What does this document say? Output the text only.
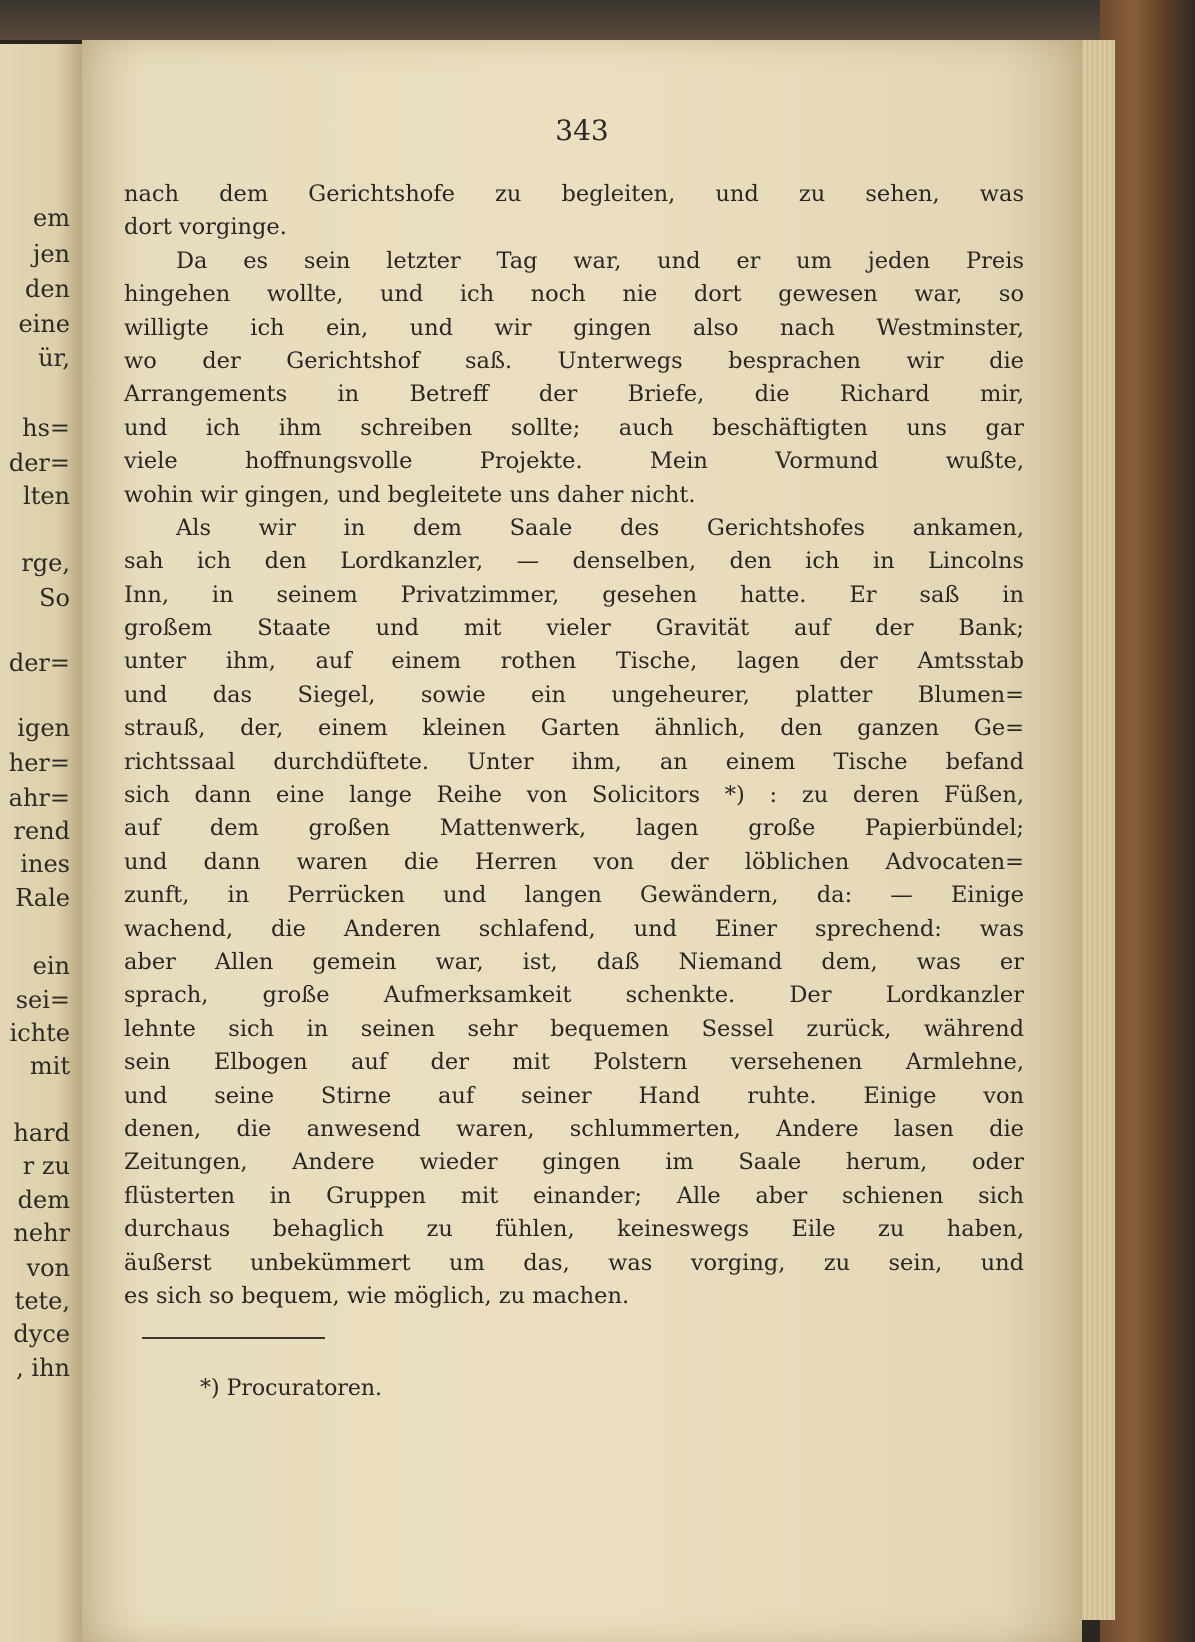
em

jen

den

eine

ür,

hs=

der=

lten

rge,

So

der=

igen

her=

ahr=

rend

ines

Rale

ein

sei=

ichte

mit

hard

r zu

dem

nehr

von

tete,

dyce

, ihn

343

nach dem Gerichtshofe zu begleiten, und zu sehen, was

dort vorginge.

Da es sein letzter Tag war, und er um jeden Preis

hingehen wollte, und ich noch nie dort gewesen war, so

willigte ich ein, und wir gingen also nach Westminster,

wo der Gerichtshof saß. Unterwegs besprachen wir die

Arrangements in Betreff der Briefe, die Richard mir,

und ich ihm schreiben sollte; auch beschäftigten uns gar

viele hoffnungsvolle Projekte. Mein Vormund wußte,

wohin wir gingen, und begleitete uns daher nicht.

Als wir in dem Saale des Gerichtshofes ankamen,

sah ich den Lordkanzler, — denselben, den ich in Lincolns

Inn, in seinem Privatzimmer, gesehen hatte. Er saß in

großem Staate und mit vieler Gravität auf der Bank;

unter ihm, auf einem rothen Tische, lagen der Amtsstab

und das Siegel, sowie ein ungeheurer, platter Blumen=

strauß, der, einem kleinen Garten ähnlich, den ganzen Ge=

richtssaal durchdüftete. Unter ihm, an einem Tische befand

sich dann eine lange Reihe von Solicitors *) : zu deren Füßen,

auf dem großen Mattenwerk, lagen große Papierbündel;

und dann waren die Herren von der löblichen Advocaten=

zunft, in Perrücken und langen Gewändern, da: — Einige

wachend, die Anderen schlafend, und Einer sprechend: was

aber Allen gemein war, ist, daß Niemand dem, was er

sprach, große Aufmerksamkeit schenkte. Der Lordkanzler

lehnte sich in seinen sehr bequemen Sessel zurück, während

sein Elbogen auf der mit Polstern versehenen Armlehne,

und seine Stirne auf seiner Hand ruhte. Einige von

denen, die anwesend waren, schlummerten, Andere lasen die

Zeitungen, Andere wieder gingen im Saale herum, oder

flüsterten in Gruppen mit einander; Alle aber schienen sich

durchaus behaglich zu fühlen, keineswegs Eile zu haben,

äußerst unbekümmert um das, was vorging, zu sein, und

es sich so bequem, wie möglich, zu machen.

*) Procuratoren.
